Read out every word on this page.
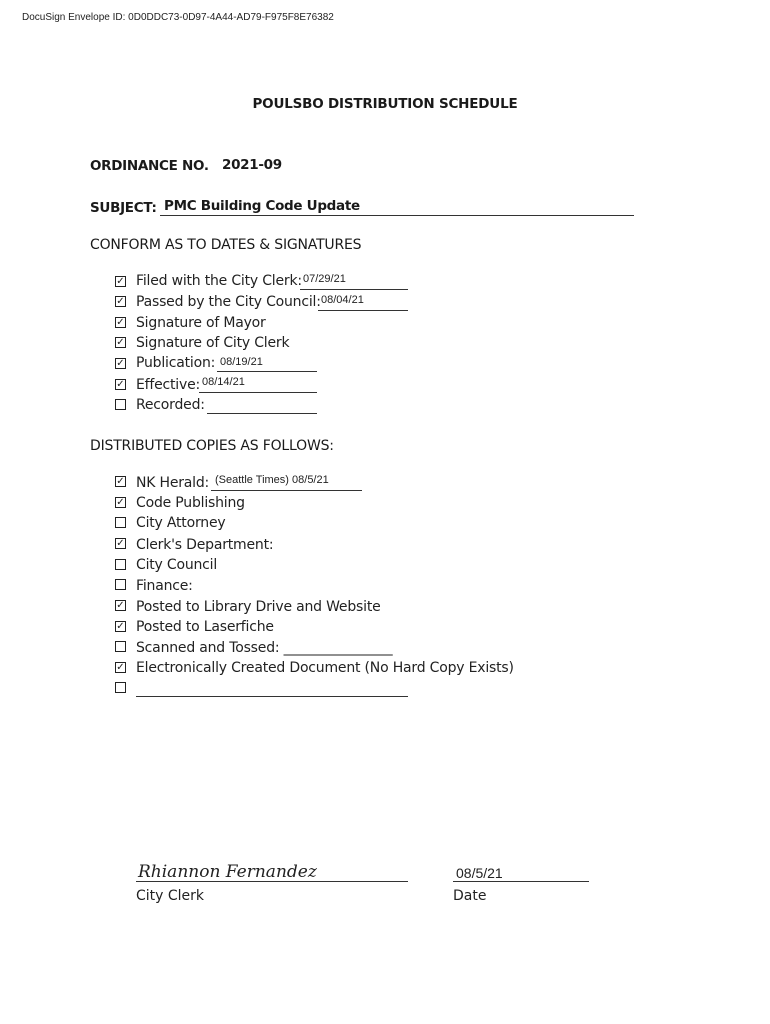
DocuSign Envelope ID: 0D0DDC73-0D97-4A44-AD79-F975F8E76382
POULSBO DISTRIBUTION SCHEDULE
ORDINANCE NO. 2021-09
SUBJECT: PMC Building Code Update
CONFORM AS TO DATES & SIGNATURES
✓ Filed with the City Clerk: 07/29/21
✓ Passed by the City Council: 08/04/21
✓ Signature of Mayor
✓ Signature of City Clerk
✓ Publication: 08/19/21
✓ Effective: 08/14/21
Recorded:
DISTRIBUTED COPIES AS FOLLOWS:
✓ NK Herald: (Seattle Times) 08/5/21
✓ Code Publishing
City Attorney
✓ Clerk's Department:
City Council
Finance:
✓ Posted to Library Drive and Website
✓ Posted to Laserfiche
Scanned and Tossed: ________________
✓ Electronically Created Document (No Hard Copy Exists)
Rhiannon Fernandez
City Clerk
08/5/21
Date
